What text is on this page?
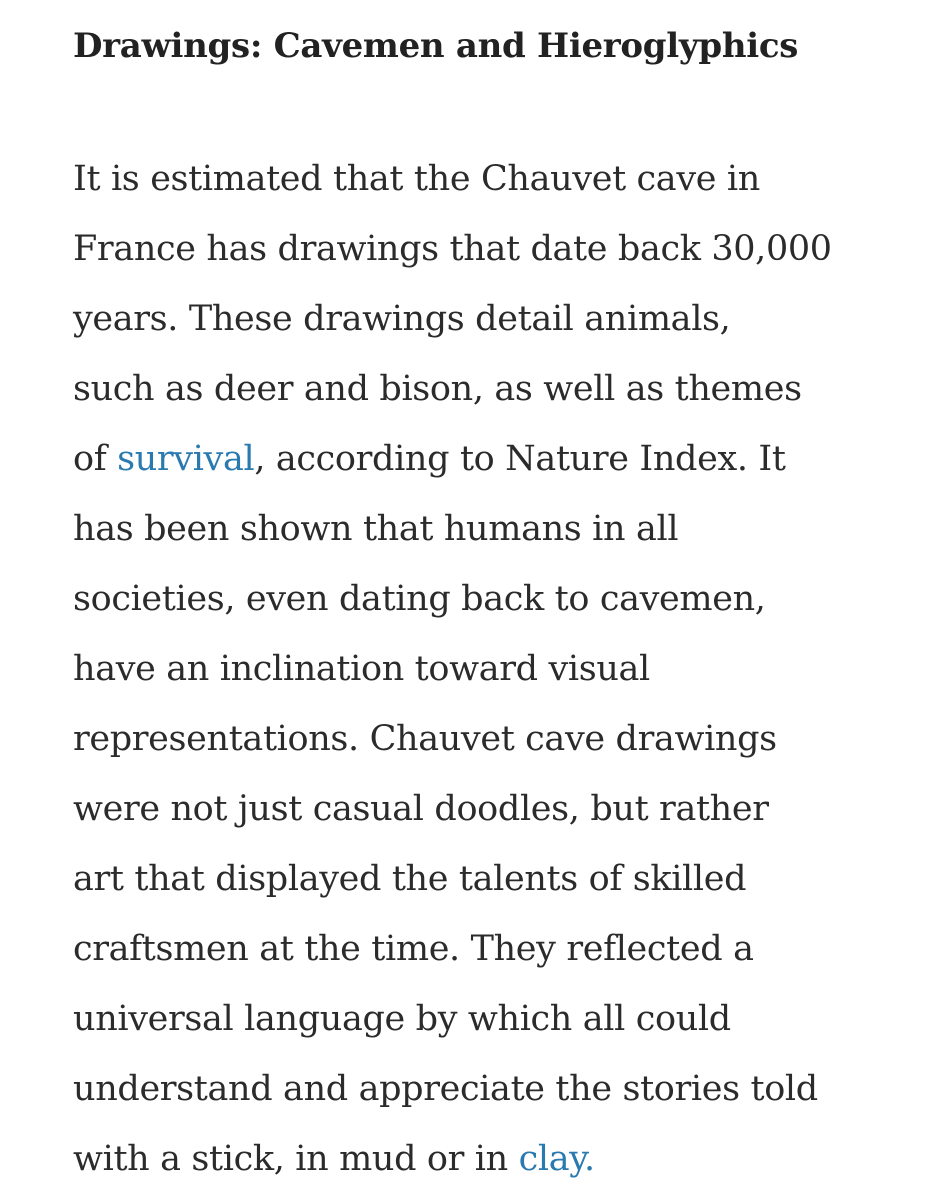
Drawings: Cavemen and Hieroglyphics

It is estimated that the Chauvet cave in
France has drawings that date back 30,000
years. These drawings detail animals,
such as deer and bison, as well as themes
of survival, according to Nature Index. It
has been shown that humans in all
societies, even dating back to cavemen,
have an inclination toward visual
representations. Chauvet cave drawings
were not just casual doodles, but rather
art that displayed the talents of skilled
craftsmen at the time. They reflected a
universal language by which all could
understand and appreciate the stories told
with a stick, in mud or in clay.
